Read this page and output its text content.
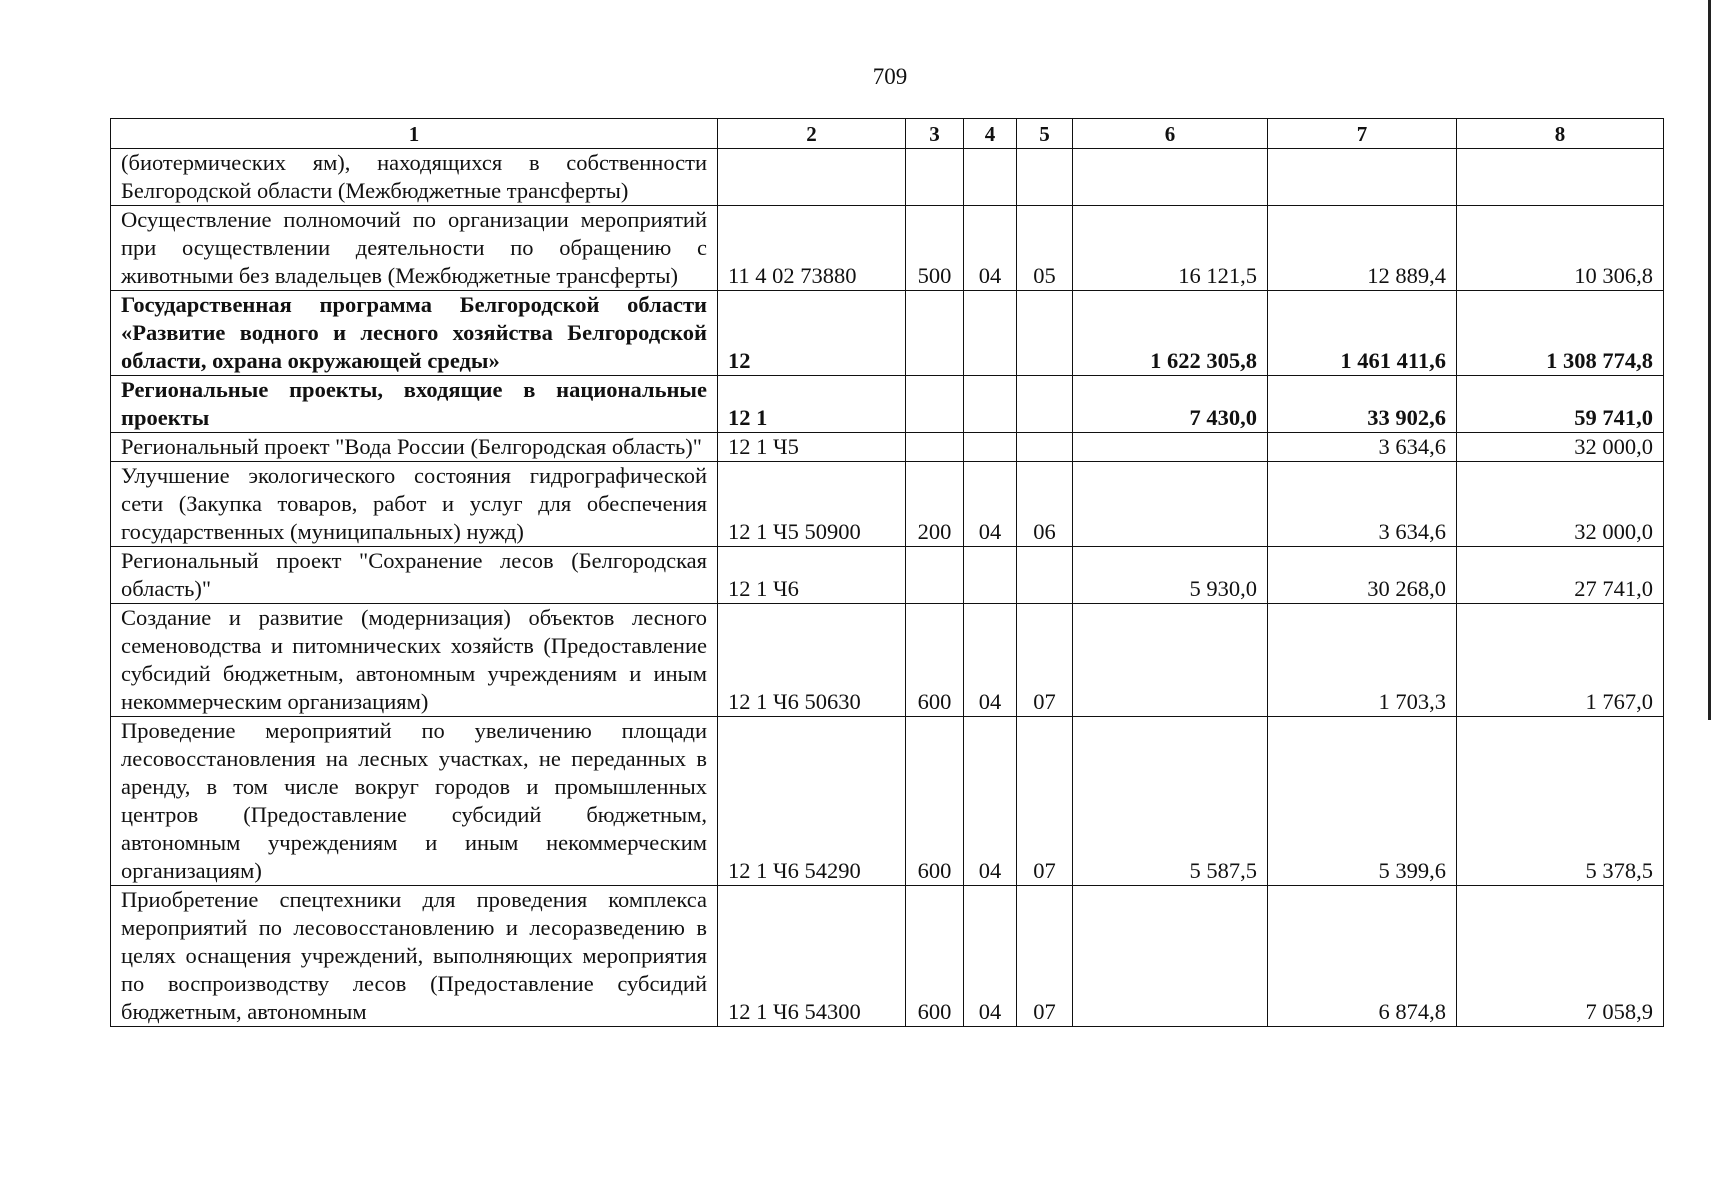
709
1	2	3	4	5	6	7	8
(биотермических ям), находящихся в собственности Белгородской области (Межбюджетные трансферты)							
Осуществление полномочий по организации мероприятий при осуществлении деятельности по обращению с животными без владельцев (Межбюджетные трансферты)	11 4 02 73880	500	04	05	16 121,5	12 889,4	10 306,8
Государственная программа Белгородской области «Развитие водного и лесного хозяйства Белгородской области, охрана окружающей среды»	12				1 622 305,8	1 461 411,6	1 308 774,8
Региональные проекты, входящие в национальные проекты	12 1				7 430,0	33 902,6	59 741,0
Региональный проект "Вода России (Белгородская область)"	12 1 Ч5					3 634,6	32 000,0
Улучшение экологического состояния гидрографической сети (Закупка товаров, работ и услуг для обеспечения государственных (муниципальных) нужд)	12 1 Ч5 50900	200	04	06		3 634,6	32 000,0
Региональный проект "Сохранение лесов (Белгородская область)"	12 1 Ч6				5 930,0	30 268,0	27 741,0
Создание и развитие (модернизация) объектов лесного семеноводства и питомнических хозяйств (Предоставление субсидий бюджетным, автономным учреждениям и иным некоммерческим организациям)	12 1 Ч6 50630	600	04	07		1 703,3	1 767,0
Проведение мероприятий по увеличению площади лесовосстановления на лесных участках, не переданных в аренду, в том числе вокруг городов и промышленных центров (Предоставление субсидий бюджетным, автономным учреждениям и иным некоммерческим организациям)	12 1 Ч6 54290	600	04	07	5 587,5	5 399,6	5 378,5
Приобретение спецтехники для проведения комплекса мероприятий по лесовосстановлению и лесоразведению в целях оснащения учреждений, выполняющих мероприятия по воспроизводству лесов (Предоставление субсидий бюджетным, автономным	12 1 Ч6 54300	600	04	07		6 874,8	7 058,9
